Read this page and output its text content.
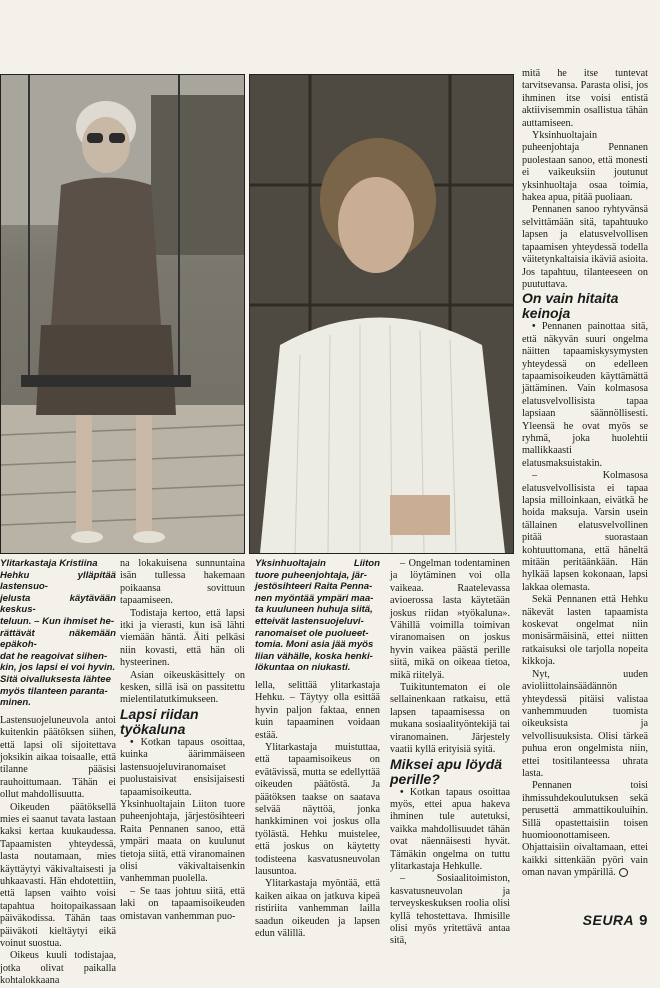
Ylitarkastaja Kristiina

Hehku ylläpitää lastensuo-

jelusta käytävään keskus-

teluun. – Kun ihmiset he-

rättävät näkemään epäkoh-

dat he reagoivat siihen-

kin, jos lapsi ei voi hyvin.

Sitä oivalluksesta lähtee

myös tilanteen paranta-

minen.

Lastensuojeluneuvola antoi kuitenkin päätöksen siihen, että lapsi oli sijoitettava joksikin aikaa toisaalle, että tilanne pääsisi rauhoittumaan. Tähän ei ollut mahdollisuutta.

Oikeuden päätöksellä mies ei saanut tavata lastaan kaksi kertaa kuukaudessa. Tapaamisten yhteydessä, lasta noutamaan, mies käyttäytyi väkivaltaisesti ja uhkaavasti. Hän ehdotettiin, että lapsen vaihto voisi tapahtua hoitopaikassaan päiväkodissa. Tähän taas päiväkoti kieltäytyi eikä voinut suostua.

Oikeus kuuli todistajaa, jotka olivat paikalla kohtalokkaana

na lokakuisena sunnuntaina isän tullessa hakemaan poikaansa sovittuun tapaamiseen.

Todistaja kertoo, että lapsi itki ja vierasti, kun isä lähti viemään häntä. Äiti pelkäsi niin kovasti, että hän oli hysteerinen.

Asian oikeuskäsittely on kesken, sillä isä on passitettu mielentilatutkimukseen.

Lapsi riidan työkaluna

• Kotkan tapaus osoittaa, kuinka äärimmäiseen lastensuojeluviranomaiset puolustaisivat ensisijaisesti tapaamisoikeutta. Yksinhuoltajain Liiton tuore puheenjohtaja, järjestösihteeri Raita Pennanen sanoo, että ympäri maata on kuulunut tietoja siitä, että viranomainen olisi väkivaltaisenkin vanhemman puolella.

– Se taas johtuu siitä, että laki on tapaamisoikeuden omistavan vanhemman puo-

Yksinhuoltajain Liiton tuore puheenjohtaja, jär-

jestösihteeri Raita Penna-

nen myöntää ympäri maa-

ta kuuluneen huhuja siitä,

etteivät lastensuojeluvi-

ranomaiset ole puolueet-

tomia. Moni asia jää myös

liian vähälle, koska henki-

lökuntaa on niukasti.

lella, selittää ylitarkastaja Hehku. – Täytyy olla esittää hyvin paljon faktaa, ennen kuin tapaaminen voidaan estää.

Ylitarkastaja muistuttaa, että tapaamisoikeus on evätävissä, mutta se edellyttää oikeuden päätöstä. Ja päätöksen taakse on saatava selvää näyttöä, jonka hankkiminen voi joskus olla työlästä. Hehku muistelee, että joskus on käytetty todisteena kasvatusneuvolan lausuntoa.

Ylitarkastaja myöntää, että kaiken aikaa on jatkuva kipeä ristiriita vanhemman lailla saadun oikeuden ja lapsen edun välillä.

– Ongelman todentaminen ja löytäminen voi olla vaikeaa. Raatelevassa avioerossa lasta käytetään joskus riidan »työkaluna». Vähillä voimilla toimivan viranomaisen on joskus hyvin vaikea päästä perille siitä, mikä on oikeaa tietoa, mikä riitelyä.

Tuikituntematon ei ole sellainenkaan ratkaisu, että lapsen tapaamisessa on mukana sosiaalityöntekijä tai viranomainen. Järjestely vaatii kyllä erityisiä syitä.

Miksei apu löydä perille?

• Kotkan tapaus osoittaa myös, ettei apua hakeva ihminen tule autetuksi, vaikka mahdollisuudet tähän ovat näennäisesti hyvät. Tämäkin ongelma on tuttu ylitarkastaja Hehkulle.

– Sosiaalitoimiston, kasvatusneuvolan ja terveyskeskuksen roolia olisi kyllä tehostettava. Ihmisille olisi myös yritettävä antaa sitä,

mitä he itse tuntevat tarvitsevansa. Parasta olisi, jos ihminen itse voisi entistä aktiivisemmin osallistua tähän auttamiseen.

Yksinhuoltajain puheenjohtaja Pennanen puolestaan sanoo, että monesti ei vaikeuksiin joutunut yksinhuoltaja osaa toimia, hakea apua, pitää puoliaan.

Pennanen sanoo ryhtyvänsä selvittämään sitä, tapahtuuko lapsen ja elatusvelvollisen tapaamisen yhteydessä todella väitetynkaltaisia ikäviä asioita. Jos tapahtuu, tilanteeseen on puututtava.

On vain hitaita keinoja

• Pennanen painottaa sitä, että näkyvän suuri ongelma näitten tapaamiskysymysten yhteydessä on edelleen tapaamisoikeuden käyttämättä jättäminen. Vain kolmasosa elatusvelvollisista tapaa lapsiaan säännöllisesti. Yleensä he ovat myös se ryhmä, joka huolehtii mallikkaasti elatusmaksuistakin.

– Kolmasosa elatusvelvollisista ei tapaa lapsia milloinkaan, eivätkä he hoida maksuja. Varsin usein tällainen elatusvelvollinen pitää suorastaan kohtuuttomana, että häneltä mitään peritäänkään. Hän hylkää lapsen kokonaan, lapsi lakkaa olemasta.

Sekä Pennanen että Hehku näkevät lasten tapaamista koskevat ongelmat niin monisärmäisinä, ettei niitten ratkaisuksi ole tarjolla nopeita kikkoja.

Nyt, uuden avioliittolainsäädännön yhteydessä pitäisi valistaa vanhemmuuden tuomista oikeuksista ja velvollisuuksista. Olisi tärkeä puhua eron ongelmista niin, ettei tositilanteessa uhrata lasta.

Pennanen toisi ihmissuhdekoulutuksen sekä perusettä ammattikouluihin. Sillä opastettaisiin toisen huomioonottamiseen. Ohjattaisiin oivaltamaan, ettei kaikki sittenkään pyöri vain oman navan ympärillä.

SEURA 9
